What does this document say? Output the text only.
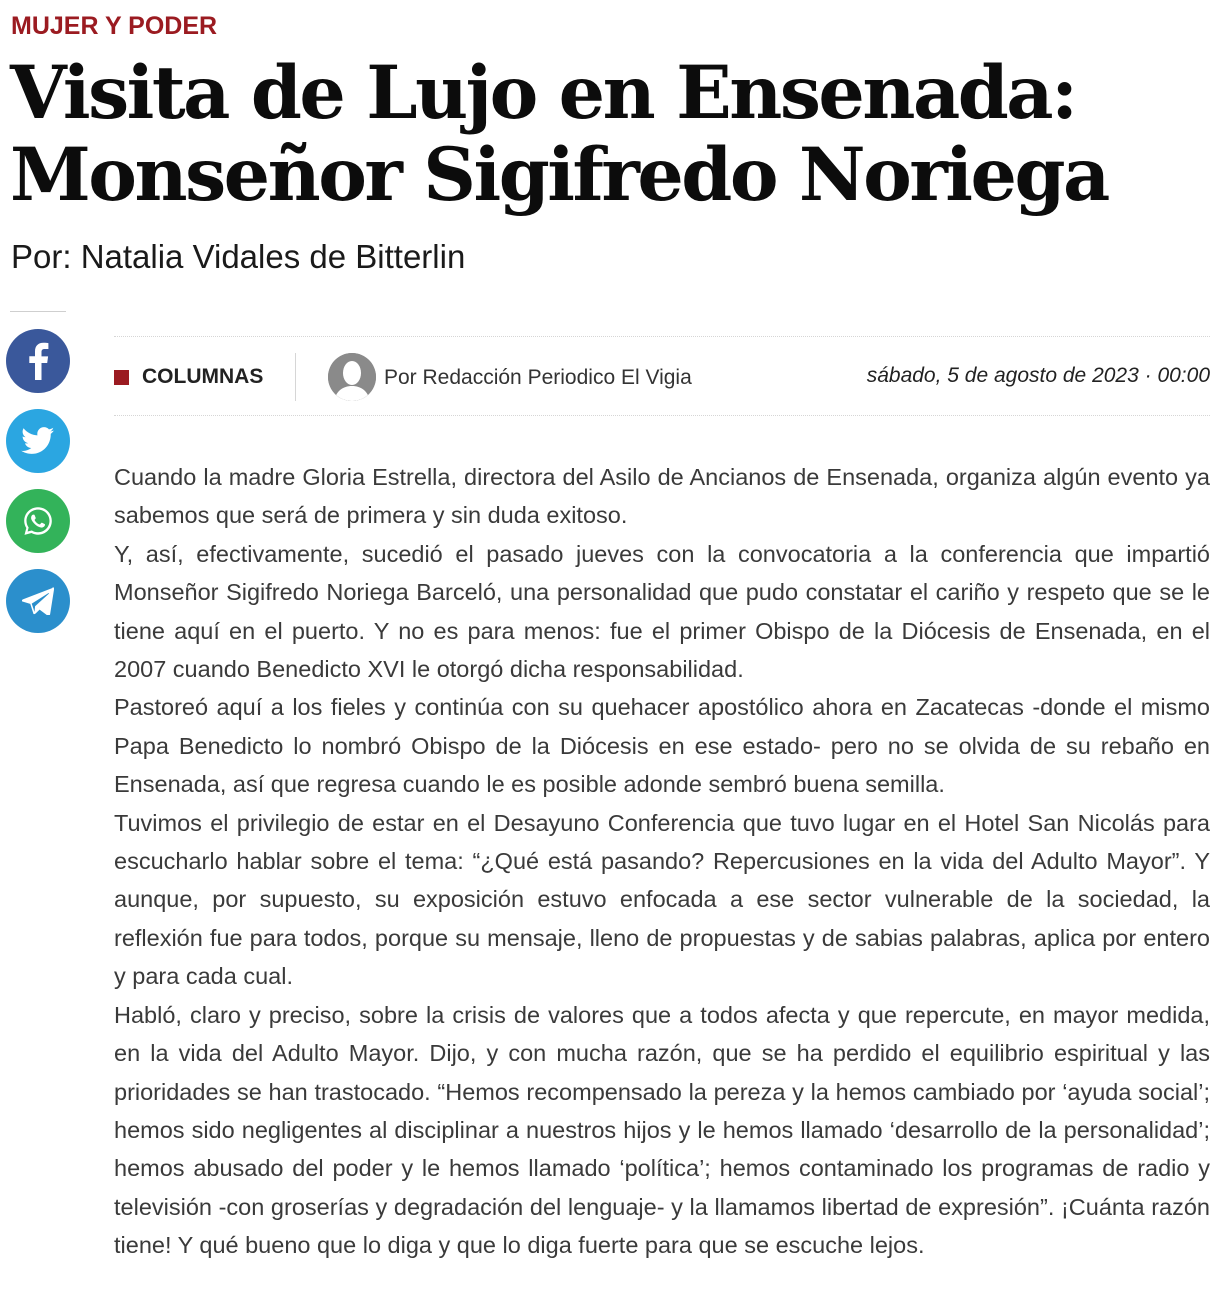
MUJER Y PODER
Visita de Lujo en Ensenada: Monseñor Sigifredo Noriega
Por: Natalia Vidales de Bitterlin
COLUMNAS	Por Redacción Periodico El Vigia	sábado, 5 de agosto de 2023 · 00:00

Cuando la madre Gloria Estrella, directora del Asilo de Ancianos de Ensenada, organiza algún evento ya sabemos que será de primera y sin duda exitoso.

Y, así, efectivamente, sucedió el pasado jueves con la convocatoria a la conferencia que impartió Monseñor Sigifredo Noriega Barceló, una personalidad que pudo constatar el cariño y respeto que se le tiene aquí en el puerto. Y no es para menos: fue el primer Obispo de la Diócesis de Ensenada, en el 2007 cuando Benedicto XVI le otorgó dicha responsabilidad.

Pastoreó aquí a los fieles y continúa con su quehacer apostólico ahora en Zacatecas -donde el mismo Papa Benedicto lo nombró Obispo de la Diócesis en ese estado- pero no se olvida de su rebaño en Ensenada, así que regresa cuando le es posible adonde sembró buena semilla.

Tuvimos el privilegio de estar en el Desayuno Conferencia que tuvo lugar en el Hotel San Nicolás para escucharlo hablar sobre el tema: “¿Qué está pasando? Repercusiones en la vida del Adulto Mayor”. Y aunque, por supuesto, su exposición estuvo enfocada a ese sector vulnerable de la sociedad, la reflexión fue para todos, porque su mensaje, lleno de propuestas y de sabias palabras, aplica por entero y para cada cual.

Habló, claro y preciso, sobre la crisis de valores que a todos afecta y que repercute, en mayor medida, en la vida del Adulto Mayor. Dijo, y con mucha razón, que se ha perdido el equilibrio espiritual y las prioridades se han trastocado. “Hemos recompensado la pereza y la hemos cambiado por ‘ayuda social’; hemos sido negligentes al disciplinar a nuestros hijos y le hemos llamado ‘desarrollo de la personalidad’; hemos abusado del poder y le hemos llamado ‘política’; hemos contaminado los programas de radio y televisión -con groserías y degradación del lenguaje- y la llamamos libertad de expresión”. ¡Cuánta razón tiene! Y qué bueno que lo diga y que lo diga fuerte para que se escuche lejos.
